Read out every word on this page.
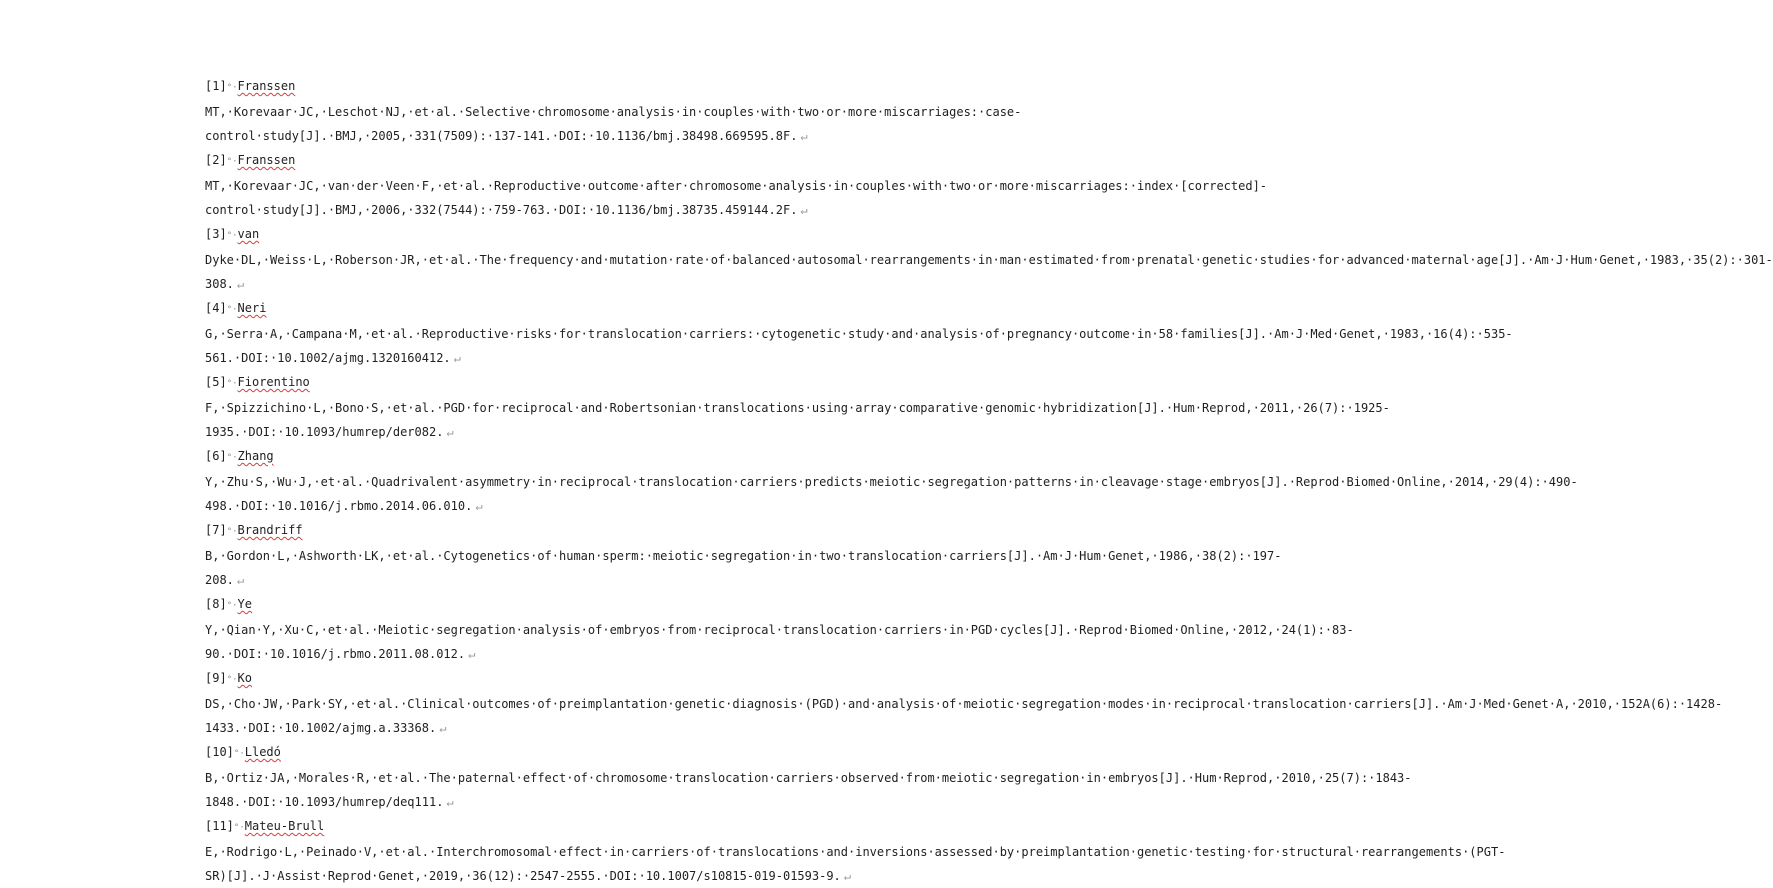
[1]°·Franssen MT,·Korevaar·JC,·Leschot·NJ,·et·al.·Selective·chromosome·analysis·in·couples·with·two·or·more·miscarriages:·case-control·study[J].·BMJ,·2005,·331(7509):·137-141.·DOI:·10.1136/bmj.38498.669595.8F. ↵

[2]°·Franssen MT,·Korevaar·JC,·van·der·Veen·F,·et·al.·Reproductive·outcome·after·chromosome·analysis·in·couples·with·two·or·more·miscarriages:·index·[corrected]-control·study[J].·BMJ,·2006,·332(7544):·759-763.·DOI:·10.1136/bmj.38735.459144.2F. ↵

[3]°·van Dyke·DL,·Weiss·L,·Roberson·JR,·et·al.·The·frequency·and·mutation·rate·of·balanced·autosomal·rearrangements·in·man·estimated·from·prenatal·genetic·studies·for·advanced·maternal·age[J].·Am·J·Hum·Genet,·1983,·35(2):·301-308. ↵

[4]°·Neri G,·Serra·A,·Campana·M,·et·al.·Reproductive·risks·for·translocation·carriers:·cytogenetic·study·and·analysis·of·pregnancy·outcome·in·58·families[J].·Am·J·Med·Genet,·1983,·16(4):·535-561.·DOI:·10.1002/ajmg.1320160412. ↵

[5]°·Fiorentino F,·Spizzichino·L,·Bono·S,·et·al.·PGD·for·reciprocal·and·Robertsonian·translocations·using·array·comparative·genomic·hybridization[J].·Hum·Reprod,·2011,·26(7):·1925-1935.·DOI:·10.1093/humrep/der082. ↵

[6]°·Zhang Y,·Zhu·S,·Wu·J,·et·al.·Quadrivalent·asymmetry·in·reciprocal·translocation·carriers·predicts·meiotic·segregation·patterns·in·cleavage·stage·embryos[J].·Reprod·Biomed·Online,·2014,·29(4):·490-498.·DOI:·10.1016/j.rbmo.2014.06.010. ↵

[7]°·Brandriff B,·Gordon·L,·Ashworth·LK,·et·al.·Cytogenetics·of·human·sperm:·meiotic·segregation·in·two·translocation·carriers[J].·Am·J·Hum·Genet,·1986,·38(2):·197-208. ↵

[8]°·Ye Y,·Qian·Y,·Xu·C,·et·al.·Meiotic·segregation·analysis·of·embryos·from·reciprocal·translocation·carriers·in·PGD·cycles[J].·Reprod·Biomed·Online,·2012,·24(1):·83-90.·DOI:·10.1016/j.rbmo.2011.08.012. ↵

[9]°·Ko DS,·Cho·JW,·Park·SY,·et·al.·Clinical·outcomes·of·preimplantation·genetic·diagnosis·(PGD)·and·analysis·of·meiotic·segregation·modes·in·reciprocal·translocation·carriers[J].·Am·J·Med·Genet·A,·2010,·152A(6):·1428-1433.·DOI:·10.1002/ajmg.a.33368. ↵

[10]°·Lledó B,·Ortiz·JA,·Morales·R,·et·al.·The·paternal·effect·of·chromosome·translocation·carriers·observed·from·meiotic·segregation·in·embryos[J].·Hum·Reprod,·2010,·25(7):·1843-1848.·DOI:·10.1093/humrep/deq111. ↵

[11]°·Mateu-Brull E,·Rodrigo·L,·Peinado·V,·et·al.·Interchromosomal·effect·in·carriers·of·translocations·and·inversions·assessed·by·preimplantation·genetic·testing·for·structural·rearrangements·(PGT-SR)[J].·J·Assist·Reprod·Genet,·2019,·36(12):·2547-2555.·DOI:·10.1007/s10815-019-01593-9. ↵
